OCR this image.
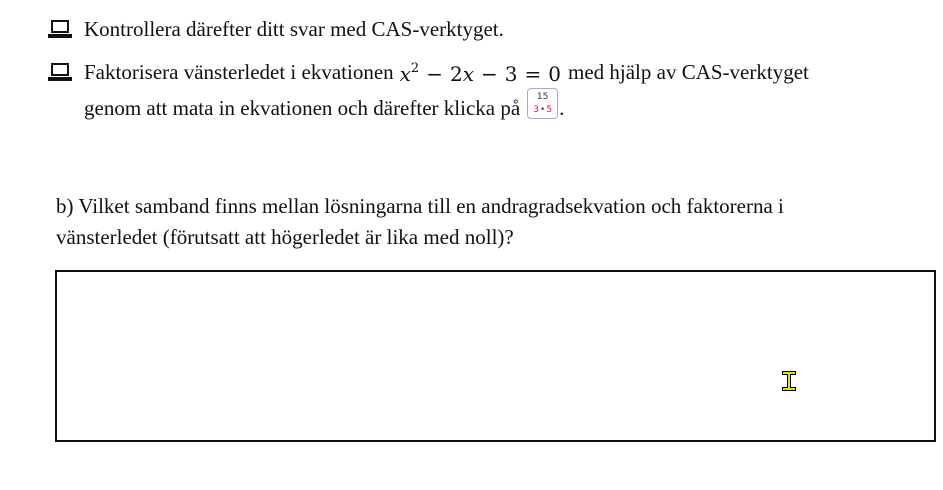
Kontrollera därefter ditt svar med CAS-verktyget.
Faktorisera vänsterledet i ekvationen $x^2 - 2x - 3 = 0$ med hjälp av CAS-verktyget
genom att mata in ekvationen och därefter klicka på	15
3•5 .
b) Vilket samband finns mellan lösningarna till en andragradsekvation och faktorerna i vänsterledet (förutsatt att högerledet är lika med noll)?
